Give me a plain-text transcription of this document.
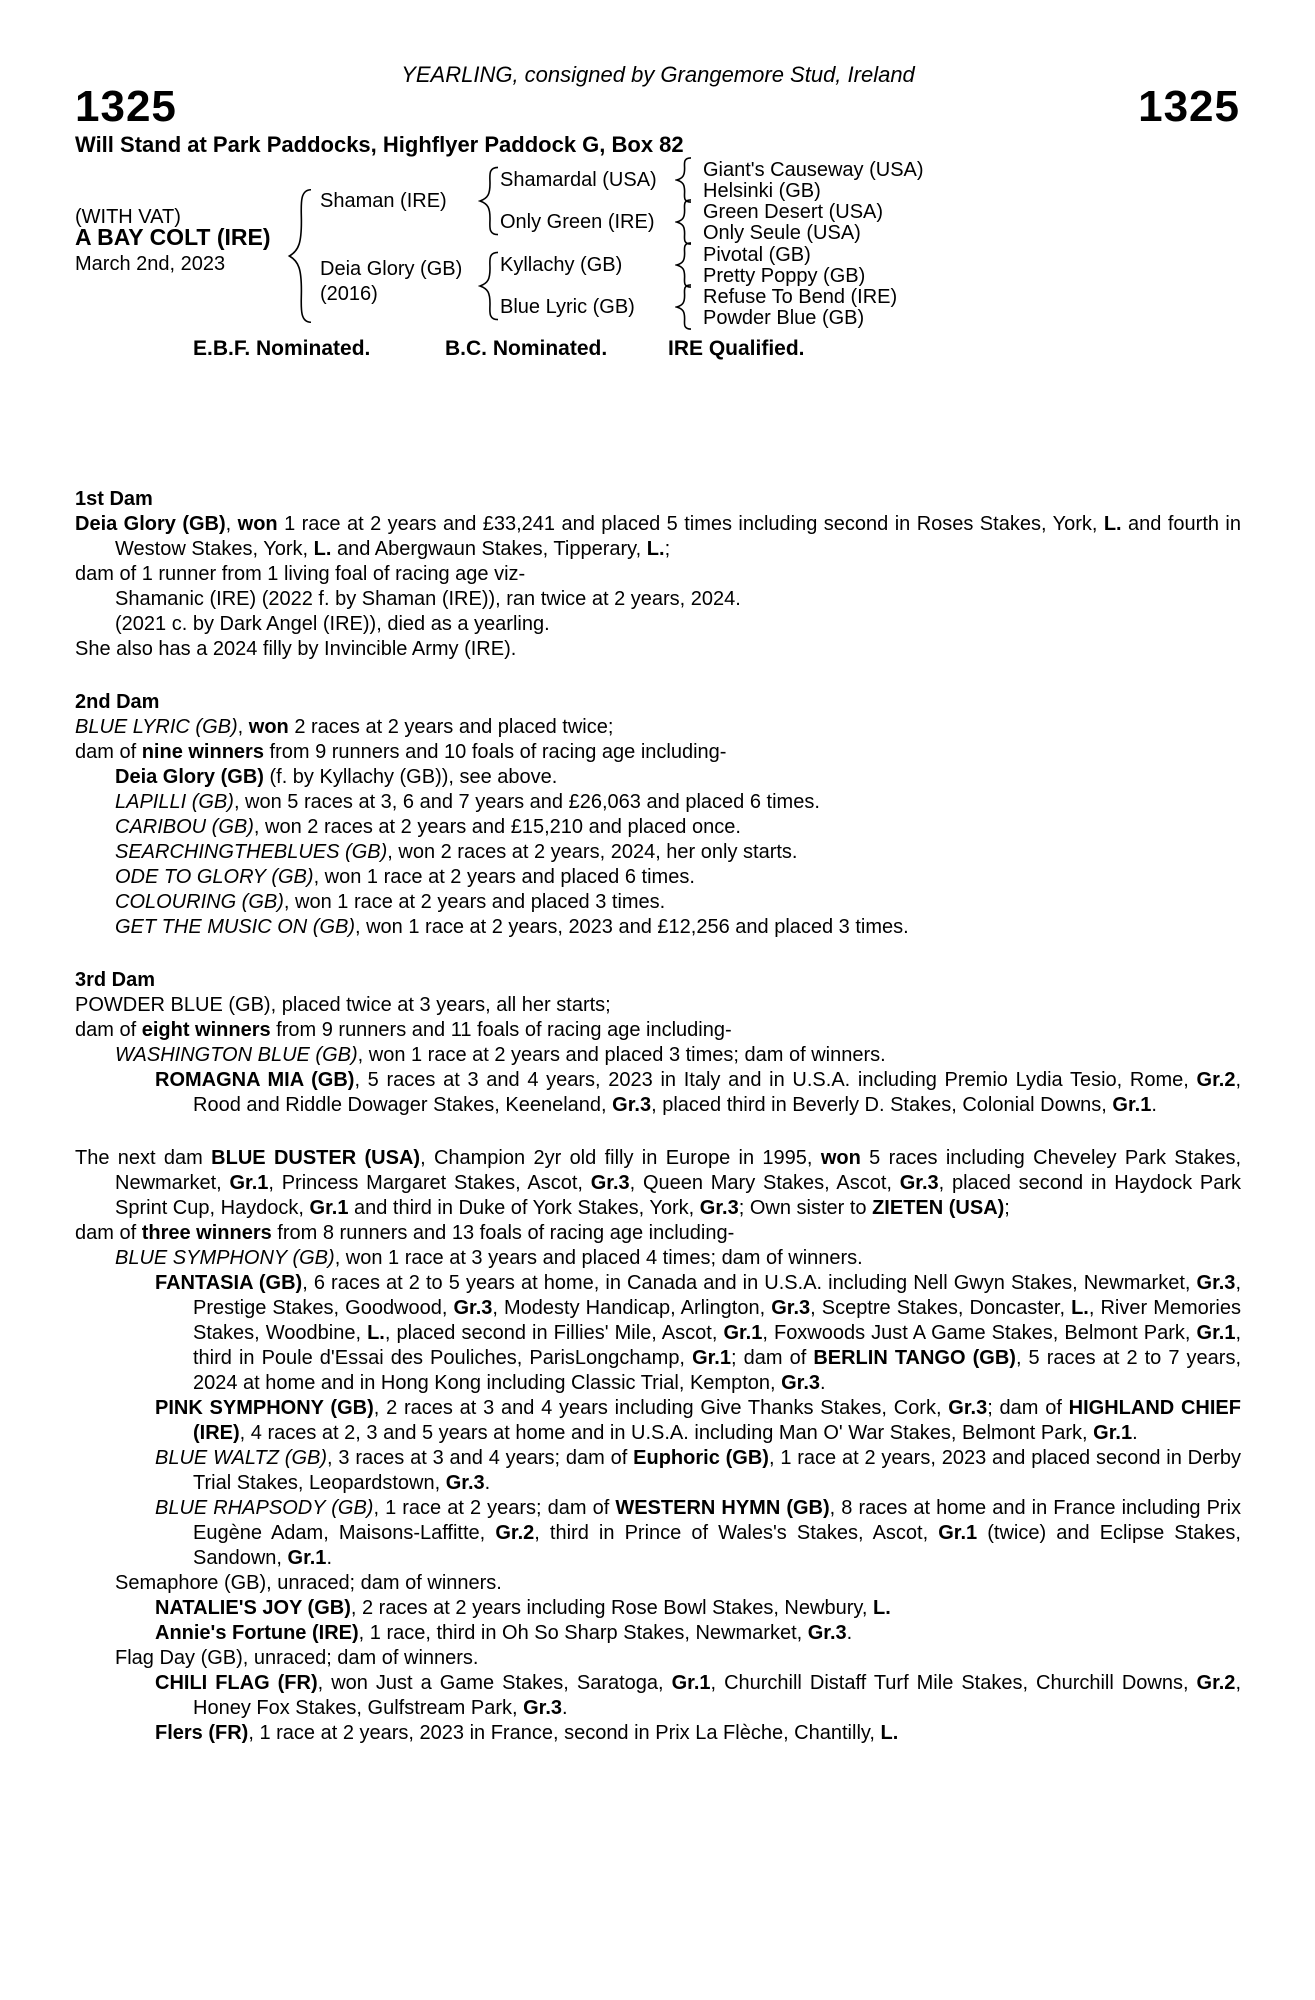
YEARLING, consigned by Grangemore Stud, Ireland
1325	1325
Will Stand at Park Paddocks, Highflyer Paddock G, Box 82
(WITH VAT)
A BAY COLT (IRE)
March 2nd, 2023
Shaman (IRE)
Deia Glory (GB)
(2016)
Shamardal (USA)
Only Green (IRE)
Kyllachy (GB)
Blue Lyric (GB)
Giant's Causeway (USA)
Helsinki (GB)
Green Desert (USA)
Only Seule (USA)
Pivotal (GB)
Pretty Poppy (GB)
Refuse To Bend (IRE)
Powder Blue (GB)
E.B.F. Nominated.	B.C. Nominated.	IRE Qualified.
1st Dam

Deia Glory (GB), won 1 race at 2 years and £33,241 and placed 5 times including second in Roses Stakes, York, L. and fourth in Westow Stakes, York, L. and Abergwaun Stakes, Tipperary, L.;

dam of 1 runner from 1 living foal of racing age viz-

Shamanic (IRE) (2022 f. by Shaman (IRE)), ran twice at 2 years, 2024.

(2021 c. by Dark Angel (IRE)), died as a yearling.

She also has a 2024 filly by Invincible Army (IRE).

2nd Dam

BLUE LYRIC (GB), won 2 races at 2 years and placed twice;

dam of nine winners from 9 runners and 10 foals of racing age including-

Deia Glory (GB) (f. by Kyllachy (GB)), see above.

LAPILLI (GB), won 5 races at 3, 6 and 7 years and £26,063 and placed 6 times.

CARIBOU (GB), won 2 races at 2 years and £15,210 and placed once.

SEARCHINGTHEBLUES (GB), won 2 races at 2 years, 2024, her only starts.

ODE TO GLORY (GB), won 1 race at 2 years and placed 6 times.

COLOURING (GB), won 1 race at 2 years and placed 3 times.

GET THE MUSIC ON (GB), won 1 race at 2 years, 2023 and £12,256 and placed 3 times.

3rd Dam

POWDER BLUE (GB), placed twice at 3 years, all her starts;

dam of eight winners from 9 runners and 11 foals of racing age including-

WASHINGTON BLUE (GB), won 1 race at 2 years and placed 3 times; dam of winners.

ROMAGNA MIA (GB), 5 races at 3 and 4 years, 2023 in Italy and in U.S.A. including Premio Lydia Tesio, Rome, Gr.2, Rood and Riddle Dowager Stakes, Keeneland, Gr.3, placed third in Beverly D. Stakes, Colonial Downs, Gr.1.

The next dam BLUE DUSTER (USA), Champion 2yr old filly in Europe in 1995, won 5 races including Cheveley Park Stakes, Newmarket, Gr.1, Princess Margaret Stakes, Ascot, Gr.3, Queen Mary Stakes, Ascot, Gr.3, placed second in Haydock Park Sprint Cup, Haydock, Gr.1 and third in Duke of York Stakes, York, Gr.3; Own sister to ZIETEN (USA);

dam of three winners from 8 runners and 13 foals of racing age including-

BLUE SYMPHONY (GB), won 1 race at 3 years and placed 4 times; dam of winners.

FANTASIA (GB), 6 races at 2 to 5 years at home, in Canada and in U.S.A. including Nell Gwyn Stakes, Newmarket, Gr.3, Prestige Stakes, Goodwood, Gr.3, Modesty Handicap, Arlington, Gr.3, Sceptre Stakes, Doncaster, L., River Memories Stakes, Woodbine, L., placed second in Fillies' Mile, Ascot, Gr.1, Foxwoods Just A Game Stakes, Belmont Park, Gr.1, third in Poule d'Essai des Pouliches, ParisLongchamp, Gr.1; dam of BERLIN TANGO (GB), 5 races at 2 to 7 years, 2024 at home and in Hong Kong including Classic Trial, Kempton, Gr.3.

PINK SYMPHONY (GB), 2 races at 3 and 4 years including Give Thanks Stakes, Cork, Gr.3; dam of HIGHLAND CHIEF (IRE), 4 races at 2, 3 and 5 years at home and in U.S.A. including Man O' War Stakes, Belmont Park, Gr.1.

BLUE WALTZ (GB), 3 races at 3 and 4 years; dam of Euphoric (GB), 1 race at 2 years, 2023 and placed second in Derby Trial Stakes, Leopardstown, Gr.3.

BLUE RHAPSODY (GB), 1 race at 2 years; dam of WESTERN HYMN (GB), 8 races at home and in France including Prix Eugène Adam, Maisons-Laffitte, Gr.2, third in Prince of Wales's Stakes, Ascot, Gr.1 (twice) and Eclipse Stakes, Sandown, Gr.1.

Semaphore (GB), unraced; dam of winners.

NATALIE'S JOY (GB), 2 races at 2 years including Rose Bowl Stakes, Newbury, L.

Annie's Fortune (IRE), 1 race, third in Oh So Sharp Stakes, Newmarket, Gr.3.

Flag Day (GB), unraced; dam of winners.

CHILI FLAG (FR), won Just a Game Stakes, Saratoga, Gr.1, Churchill Distaff Turf Mile Stakes, Churchill Downs, Gr.2, Honey Fox Stakes, Gulfstream Park, Gr.3.

Flers (FR), 1 race at 2 years, 2023 in France, second in Prix La Flèche, Chantilly, L.
